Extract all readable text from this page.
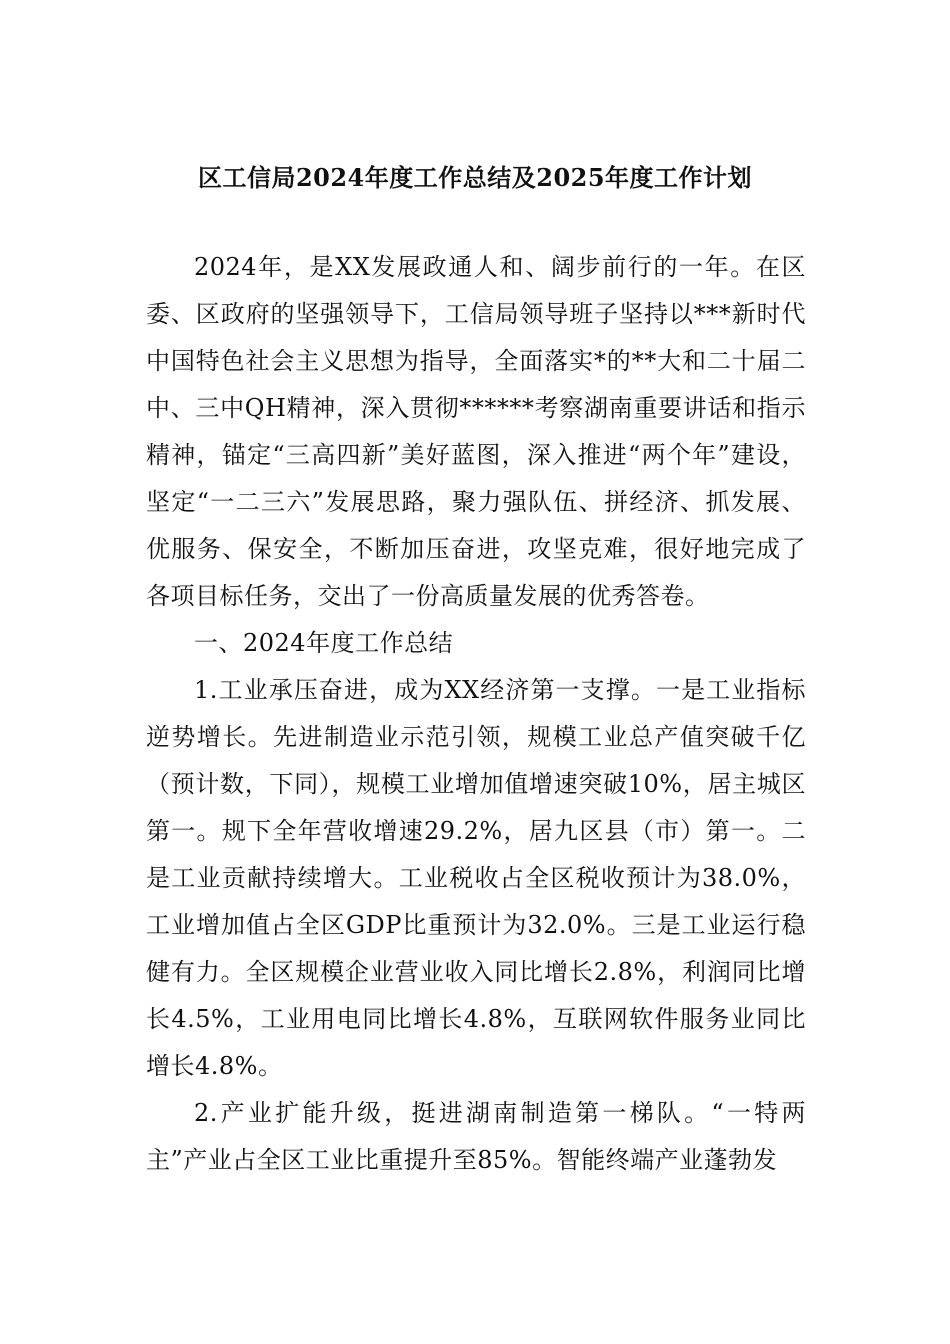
区工信局2024年度工作总结及2025年度工作计划

2024年，是XX发展政通人和、阔步前行的一年。在区委、区政府的坚强领导下，工信局领导班子坚持以***新时代中国特色社会主义思想为指导，全面落实*的**大和二十届二中、三中QH精神，深入贯彻******考察湖南重要讲话和指示精神，锚定“三高四新”美好蓝图，深入推进“两个年”建设，坚定“一二三六”发展思路，聚力强队伍、拼经济、抓发展、优服务、保安全，不断加压奋进，攻坚克难，很好地完成了各项目标任务，交出了一份高质量发展的优秀答卷。

一、2024年度工作总结

1.工业承压奋进，成为XX经济第一支撑。一是工业指标逆势增长。先进制造业示范引领，规模工业总产值突破千亿（预计数，下同），规模工业增加值增速突破10%，居主城区第一。规下全年营收增速29.2%，居九区县（市）第一。二是工业贡献持续增大。工业税收占全区税收预计为38.0%，工业增加值占全区GDP比重预计为32.0%。三是工业运行稳健有力。全区规模企业营业收入同比增长2.8%，利润同比增长4.5%，工业用电同比增长4.8%，互联网软件服务业同比增长4.8%。

2.产业扩能升级，挺进湖南制造第一梯队。“一特两主”产业占全区工业比重提升至85%。智能终端产业蓬勃发
